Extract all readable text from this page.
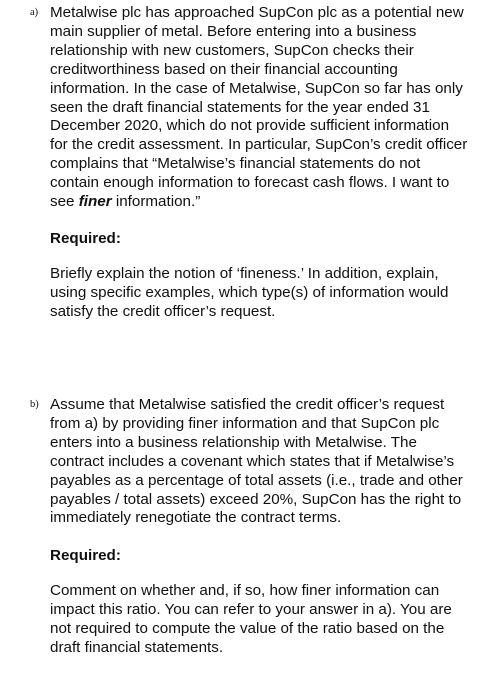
a) Metalwise plc has approached SupCon plc as a potential new main supplier of metal. Before entering into a business relationship with new customers, SupCon checks their creditworthiness based on their financial accounting information. In the case of Metalwise, SupCon so far has only seen the draft financial statements for the year ended 31 December 2020, which do not provide sufficient information for the credit assessment. In particular, SupCon’s credit officer complains that “Metalwise’s financial statements do not contain enough information to forecast cash flows. I want to see finer information.”
Required:
Briefly explain the notion of ‘fineness.’ In addition, explain, using specific examples, which type(s) of information would satisfy the credit officer’s request.
b) Assume that Metalwise satisfied the credit officer’s request from a) by providing finer information and that SupCon plc enters into a business relationship with Metalwise. The contract includes a covenant which states that if Metalwise’s payables as a percentage of total assets (i.e., trade and other payables / total assets) exceed 20%, SupCon has the right to immediately renegotiate the contract terms.
Required:
Comment on whether and, if so, how finer information can impact this ratio. You can refer to your answer in a). You are not required to compute the value of the ratio based on the draft financial statements.
